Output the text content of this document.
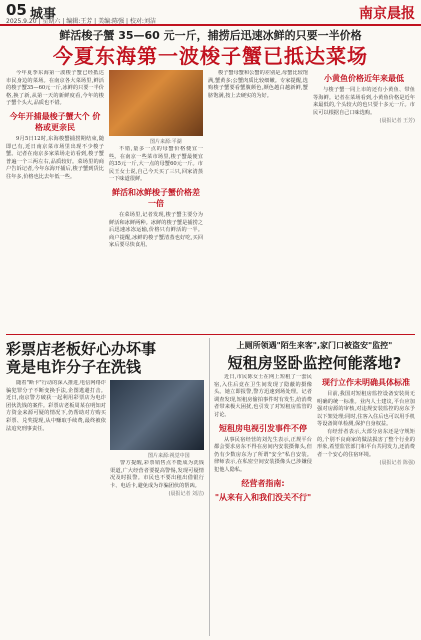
05 城事	南京晨报
2025.9.20 | 星期六 | 编辑:王芳 | 美编:陈强 | 校对:刘洁
鲜活梭子蟹 35—60 元一斤，捕捞后迅速冰鲜的只要一半价格
今夏东海第一波梭子蟹已抵达菜场

今年夏季东海第一波梭子蟹已经抵达市民身边的菜场。在南京各大菜场里,鲜活的梭子蟹35—60元一斤,冰鲜的只要一半价格,换了新,从第一天的新鲜度看,今年的梭子蟹个头大,品质也不错。

今年开捕最梭子蟹大个 价格或更亲民

9月5日12时,东海梭蟹捕捞期结束,随即已有,近日南京菜市场里出现不少梭子蟹。记者在南京多家菜场走访看到,梭子蟹普遍一个三两左右,品质较好。菜场里的商户告诉记者,今年东海开捕后,梭子蟹到货比往年多,价格也比去年低一些。

图片来源:平湖

不错,量多一点的母蟹价格便宜一些。在南京一些菜市场里,梭子蟹最便宜的35元一斤,大一点的母蟹60元一斤。市民王女士说,自己今天买了三只,回家清蒸一下味道很鲜。

鲜活和冰鲜梭子蟹价格差一倍

在菜场里,记者发现,梭子蟹主要分为鲜活和冰鲜两种。冰鲜的梭子蟹是捕捞之后迅速冰冻运输,价格只有鲜活的一半。商户提醒,冰鲜的梭子蟹清蒸也好吃,买回家后要尽快食用。

梭子蟹母蟹和公蟹的差别是,母蟹比较饱满,蟹黄多;公蟹肉质比较细嫩。专家提醒,选购梭子蟹要看蟹腹颜色,颜色越白越新鲜,蟹脐饱满,按上去硬实的为好。

小黄鱼价格近年来最低

与梭子蟹一同上市的还有小黄鱼、带鱼等海鲜。记者在菜场看到,小黄鱼价格是近年来最低的,个头较大的也只要十多元一斤。市民可以根据自己口味选购。

(晨报记者 王芳)
彩票店老板好心办坏事
竟是电诈分子在洗钱
图片来源:视觉中国

随着"断卡"行动的深入推进,电信网络诈骗犯罪分子不断变换手法,企图逃避打击。近日,南京警方破获一起利用彩票店为电诈团伙洗钱的案件。彩票店老板周某在明知对方资金来源可疑的情况下,仍帮助对方购买彩票、兑奖提现,从中赚取手续费,最终被依法追究刑事责任。

警方提醒,彩票销售点不能成为洗钱渠道,广大经营者要提高警惕,发现可疑情况及时报警。市民也不要出租出借银行卡、电话卡,避免成为诈骗团伙的帮凶。

(晨报记者 刘洁)
上厕所领遇"陌生来客",家门口被盗安"监控"
短租房竖卧监控何能落地?

近日,市民陈女士在网上短租了一套民宿,入住后竟在卫生间发现了隐蔽的摄像头。她立即报警,警方迅速到场处理。记者调查发现,短租房偷拍事件时有发生,给消费者带来极大困扰,也引发了对短租房监管的讨论。

短租房电视引发事件不停

从事民宿经营的刘先生表示,正规平台都会要求房东不得在房间内安装摄像头,但仍有少数房东为了所谓"安全"私自安装。律师表示,在私密空间安装摄像头已涉嫌侵犯他人隐私。

经营者指南:
"从来有入和我们没关不行"
现行立作未明确具体标准

目前,我国对短租房监控设备安装尚无明确的统一标准。业内人士建议,平台应加强对房源的审核,对违规安装监控的房东予以下架处理;同时,住客入住后也可以用手机等设备简单检测,保护自身权益。

有经营者表示,大部分房东还是守规矩的,个别不良商家的做法损害了整个行业的形象,希望监管部门和平台共同发力,还消费者一个安心的住宿环境。

(晨报记者 陈强)
